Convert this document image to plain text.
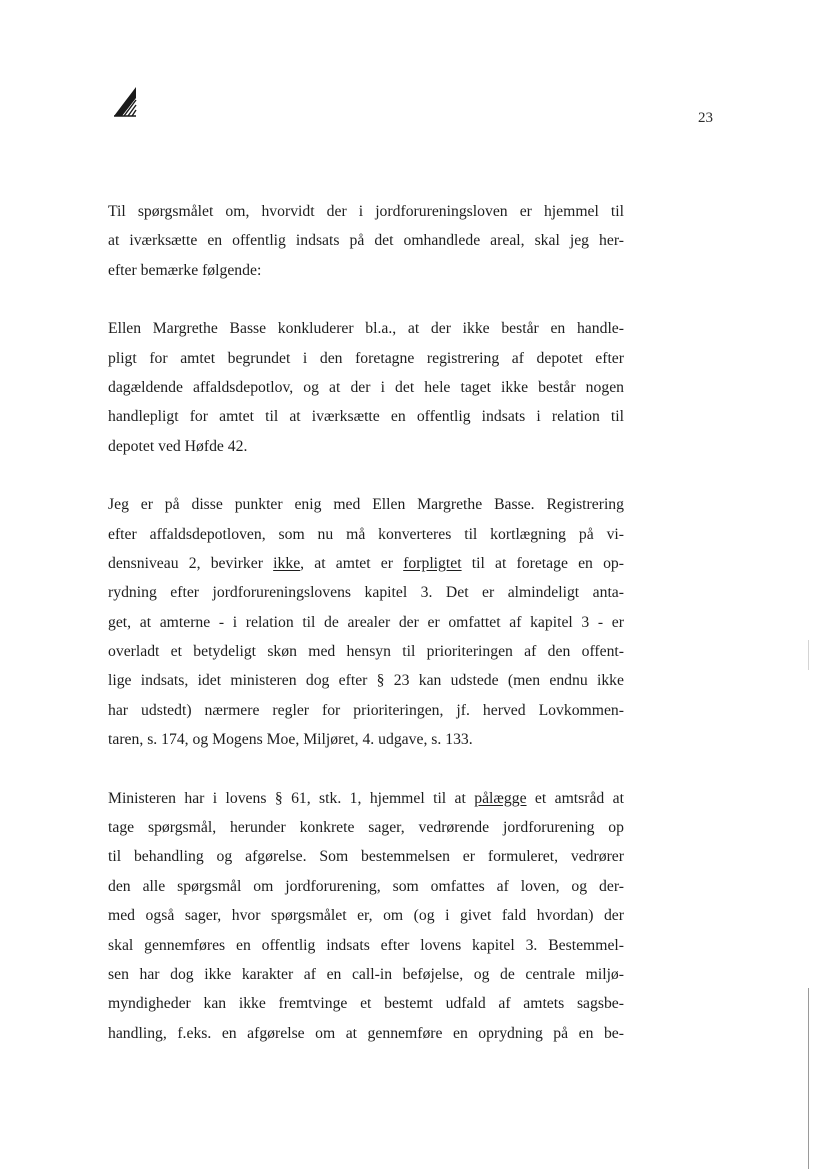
23

Til spørgsmålet om, hvorvidt der i jordforureningsloven er hjemmel til
at iværksætte en offentlig indsats på det omhandlede areal, skal jeg her-
efter bemærke følgende:

Ellen Margrethe Basse konkluderer bl.a., at der ikke består en handle-
pligt for amtet begrundet i den foretagne registrering af depotet efter
dagældende affaldsdepotlov, og at der i det hele taget ikke består nogen
handlepligt for amtet til at iværksætte en offentlig indsats i relation til
depotet ved Høfde 42.

Jeg er på disse punkter enig med Ellen Margrethe Basse. Registrering
efter affaldsdepotloven, som nu må konverteres til kortlægning på vi-
densniveau 2, bevirker ikke, at amtet er forpligtet til at foretage en op-
rydning efter jordforureningslovens kapitel 3. Det er almindeligt anta-
get, at amterne - i relation til de arealer der er omfattet af kapitel 3 - er
overladt et betydeligt skøn med hensyn til prioriteringen af den offent-
lige indsats, idet ministeren dog efter § 23 kan udstede (men endnu ikke
har udstedt) nærmere regler for prioriteringen, jf. herved Lovkommen-
taren, s. 174, og Mogens Moe, Miljøret, 4. udgave, s. 133.

Ministeren har i lovens § 61, stk. 1, hjemmel til at pålægge et amtsråd at
tage spørgsmål, herunder konkrete sager, vedrørende jordforurening op
til behandling og afgørelse. Som bestemmelsen er formuleret, vedrører
den alle spørgsmål om jordforurening, som omfattes af loven, og der-
med også sager, hvor spørgsmålet er, om (og i givet fald hvordan) der
skal gennemføres en offentlig indsats efter lovens kapitel 3. Bestemmel-
sen har dog ikke karakter af en call-in beføjelse, og de centrale miljø-
myndigheder kan ikke fremtvinge et bestemt udfald af amtets sagsbe-
handling, f.eks. en afgørelse om at gennemføre en oprydning på en be-
